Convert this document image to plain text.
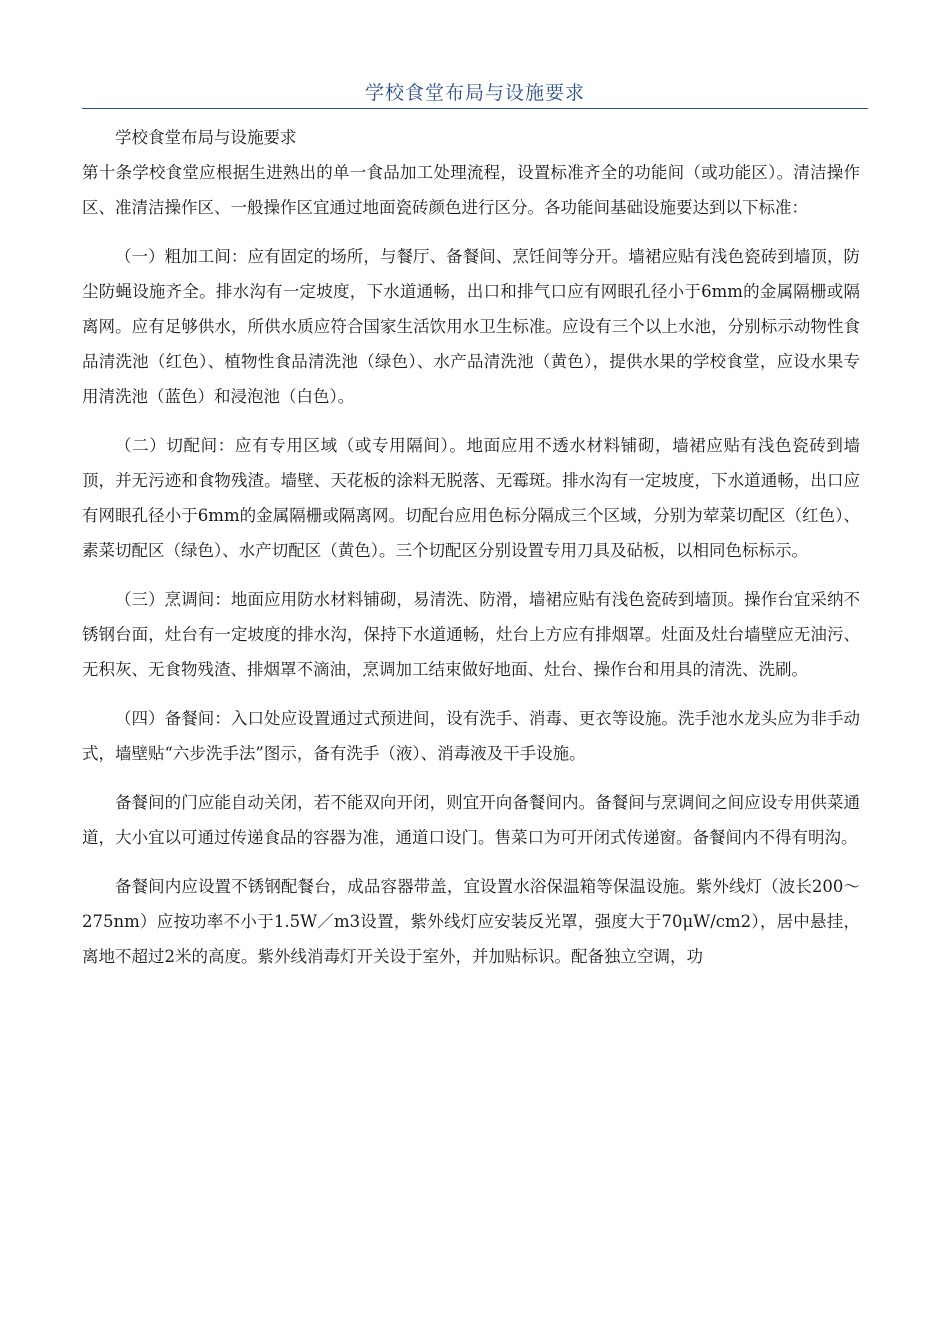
学校食堂布局与设施要求

学校食堂布局与设施要求

第十条学校食堂应根据生进熟出的单一食品加工处理流程，设置标准齐全的功能间（或功能区）。清洁操作区、准清洁操作区、一般操作区宜通过地面瓷砖颜色进行区分。各功能间基础设施要达到以下标准：

（一）粗加工间：应有固定的场所，与餐厅、备餐间、烹饪间等分开。墙裙应贴有浅色瓷砖到墙顶，防尘防蝇设施齐全。排水沟有一定坡度，下水道通畅，出口和排气口应有网眼孔径小于6mm的金属隔栅或隔离网。应有足够供水，所供水质应符合国家生活饮用水卫生标准。应设有三个以上水池，分别标示动物性食品清洗池（红色）、植物性食品清洗池（绿色）、水产品清洗池（黄色），提供水果的学校食堂，应设水果专用清洗池（蓝色）和浸泡池（白色）。

（二）切配间：应有专用区域（或专用隔间）。地面应用不透水材料铺砌，墙裙应贴有浅色瓷砖到墙顶，并无污迹和食物残渣。墙壁、天花板的涂料无脱落、无霉斑。排水沟有一定坡度，下水道通畅，出口应有网眼孔径小于6mm的金属隔栅或隔离网。切配台应用色标分隔成三个区域，分别为荤菜切配区（红色）、素菜切配区（绿色）、水产切配区（黄色）。三个切配区分别设置专用刀具及砧板，以相同色标标示。

（三）烹调间：地面应用防水材料铺砌，易清洗、防滑，墙裙应贴有浅色瓷砖到墙顶。操作台宜采纳不锈钢台面，灶台有一定坡度的排水沟，保持下水道通畅，灶台上方应有排烟罩。灶面及灶台墙壁应无油污、无积灰、无食物残渣、排烟罩不滴油，烹调加工结束做好地面、灶台、操作台和用具的清洗、洗刷。

（四）备餐间：入口处应设置通过式预进间，设有洗手、消毒、更衣等设施。洗手池水龙头应为非手动式，墙壁贴“六步洗手法”图示，备有洗手（液）、消毒液及干手设施。

备餐间的门应能自动关闭，若不能双向开闭，则宜开向备餐间内。备餐间与烹调间之间应设专用供菜通道，大小宜以可通过传递食品的容器为准，通道口设门。售菜口为可开闭式传递窗。备餐间内不得有明沟。

备餐间内应设置不锈钢配餐台，成品容器带盖，宜设置水浴保温箱等保温设施。紫外线灯（波长200～275nm）应按功率不小于1.5W／m3设置，紫外线灯应安装反光罩，强度大于70μW/cm2），居中悬挂，离地不超过2米的高度。紫外线消毒灯开关设于室外，并加贴标识。配备独立空调，功
